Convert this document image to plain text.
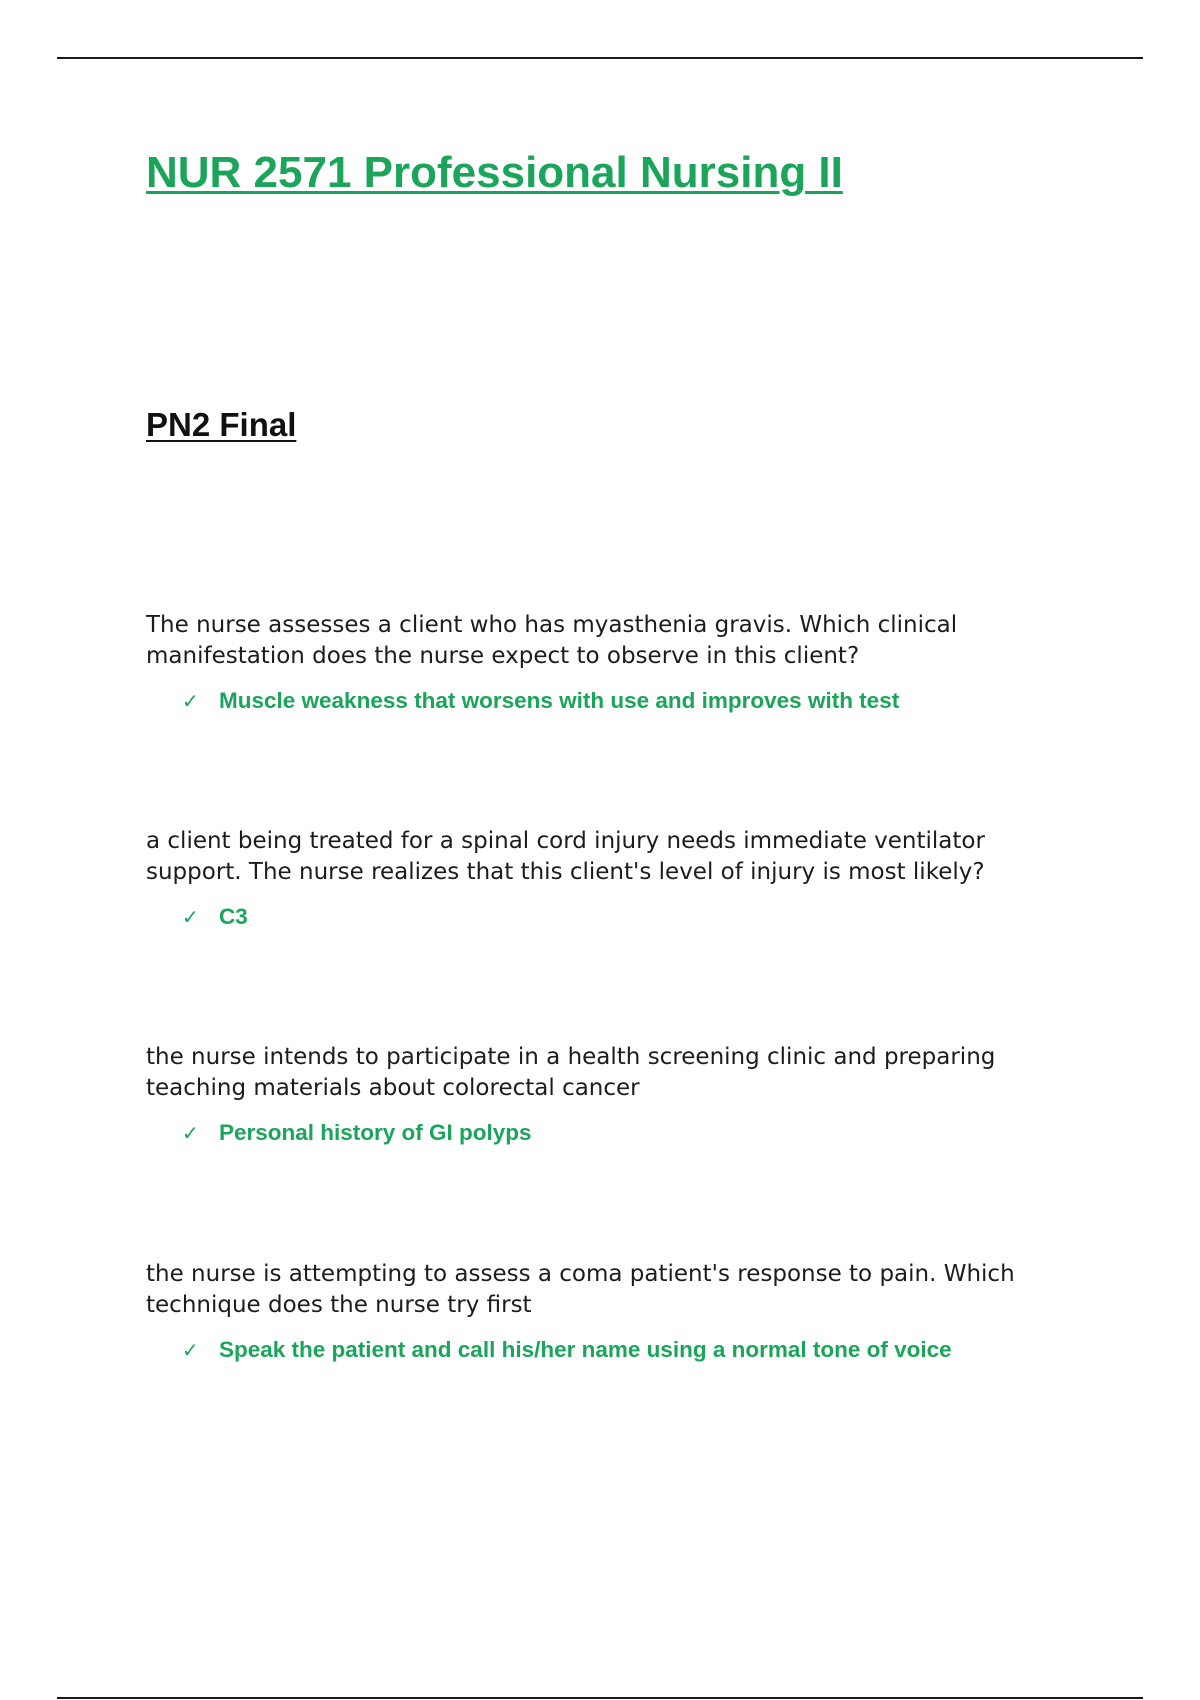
NUR 2571 Professional Nursing II
PN2 Final

The nurse assesses a client who has myasthenia gravis. Which clinical manifestation does the nurse expect to observe in this client?

✓ Muscle weakness that worsens with use and improves with test

a client being treated for a spinal cord injury needs immediate ventilator support. The nurse realizes that this client's level of injury is most likely?

✓ C3

the nurse intends to participate in a health screening clinic and preparing teaching materials about colorectal cancer

✓ Personal history of GI polyps

the nurse is attempting to assess a coma patient's response to pain. Which technique does the nurse try first

✓ Speak the patient and call his/her name using a normal tone of voice
